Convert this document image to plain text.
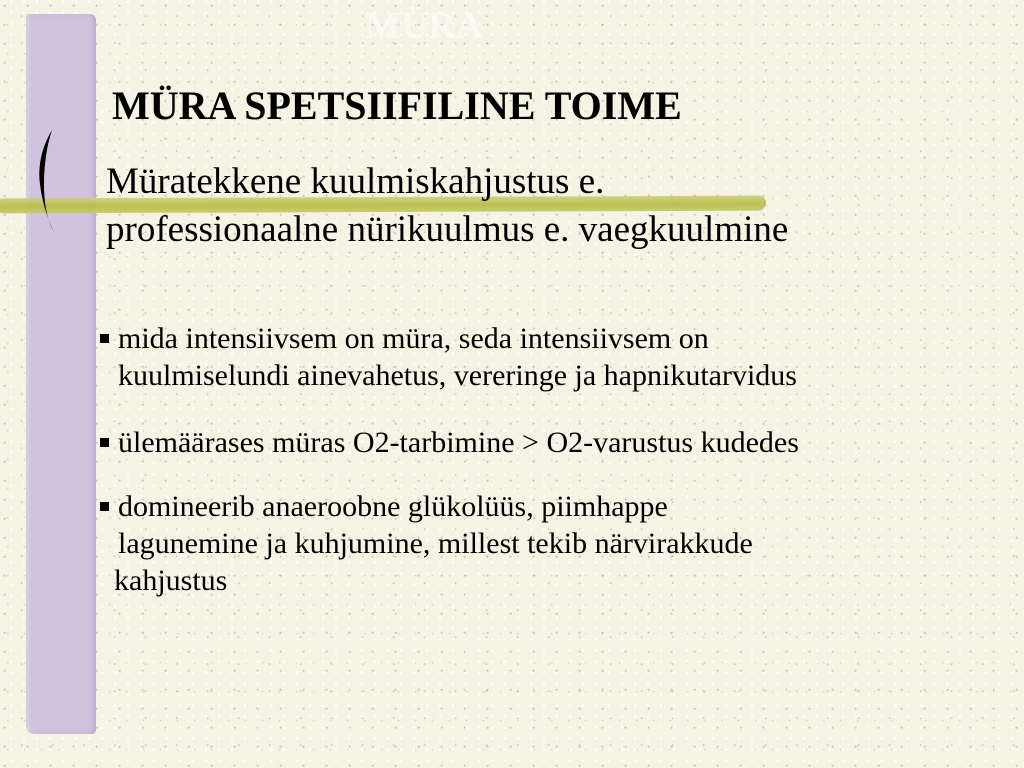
MÜRA
MÜRA SPETSIIFILINE TOIME
Müratekkene kuulmiskahjustus e.
professionaalne nürikuulmus e. vaegkuulmine
mida intensiivsem on müra, seda intensiivsem on
kuulmiselundi ainevahetus, vereringe ja hapnikutarvidus
ülemäärases müras O2-tarbimine > O2-varustus kudedes
domineerib anaeroobne glükolüüs, piimhappe
lagunemine ja kuhjumine, millest tekib närvirakkude
kahjustus
